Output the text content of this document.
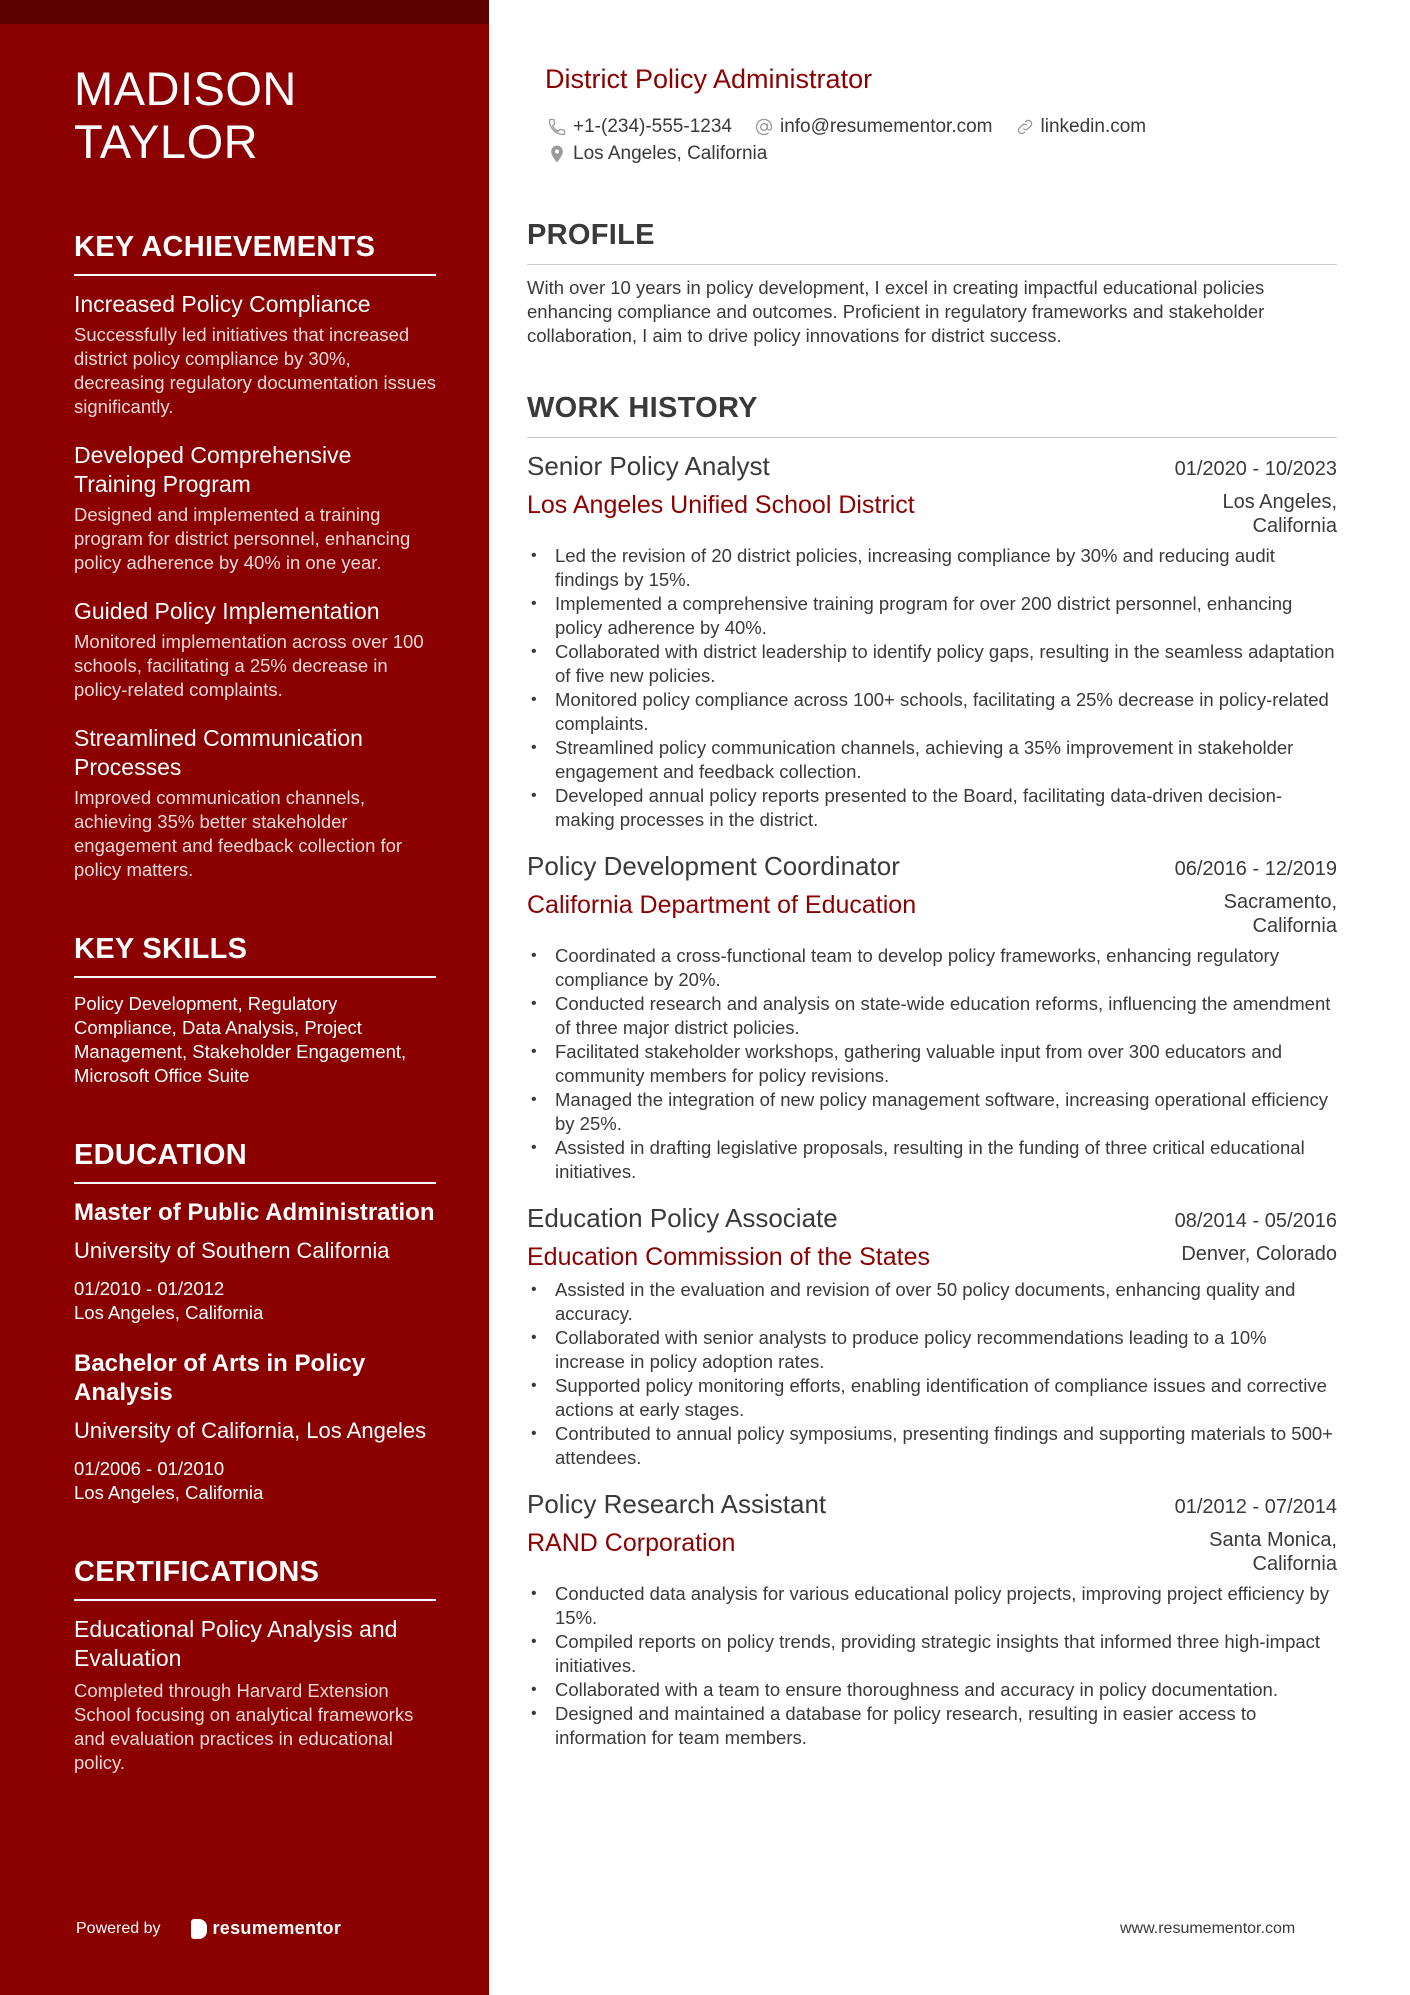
MADISON
TAYLOR
KEY ACHIEVEMENTS
Increased Policy Compliance
Successfully led initiatives that increased district policy compliance by 30%, decreasing regulatory documentation issues significantly.
Developed Comprehensive Training Program
Designed and implemented a training program for district personnel, enhancing policy adherence by 40% in one year.
Guided Policy Implementation
Monitored implementation across over 100 schools, facilitating a 25% decrease in policy-related complaints.
Streamlined Communication Processes
Improved communication channels, achieving 35% better stakeholder engagement and feedback collection for policy matters.
KEY SKILLS

Policy Development, Regulatory Compliance, Data Analysis, Project Management, Stakeholder Engagement, Microsoft Office Suite

EDUCATION
Master of Public Administration
University of Southern California
01/2010 - 01/2012
Los Angeles, California
Bachelor of Arts in Policy Analysis
University of California, Los Angeles
01/2006 - 01/2010
Los Angeles, California
CERTIFICATIONS
Educational Policy Analysis and Evaluation
Completed through Harvard Extension School focusing on analytical frameworks and evaluation practices in educational policy.
Powered by	resumementor
District Policy Administrator
+1-(234)-555-1234	info@resumementor.com	linkedin.com
Los Angeles, California
PROFILE

With over 10 years in policy development, I excel in creating impactful educational policies enhancing compliance and outcomes. Proficient in regulatory frameworks and stakeholder collaboration, I aim to drive policy innovations for district success.

WORK HISTORY
Senior Policy Analyst	01/2020 - 10/2023
Los Angeles Unified School District	Los Angeles,
California
• Led the revision of 20 district policies, increasing compliance by 30% and reducing audit findings by 15%.
• Implemented a comprehensive training program for over 200 district personnel, enhancing policy adherence by 40%.
• Collaborated with district leadership to identify policy gaps, resulting in the seamless adaptation of five new policies.
• Monitored policy compliance across 100+ schools, facilitating a 25% decrease in policy-related complaints.
• Streamlined policy communication channels, achieving a 35% improvement in stakeholder engagement and feedback collection.
• Developed annual policy reports presented to the Board, facilitating data-driven decision-making processes in the district.
Policy Development Coordinator	06/2016 - 12/2019
California Department of Education	Sacramento,
California
• Coordinated a cross-functional team to develop policy frameworks, enhancing regulatory compliance by 20%.
• Conducted research and analysis on state-wide education reforms, influencing the amendment of three major district policies.
• Facilitated stakeholder workshops, gathering valuable input from over 300 educators and community members for policy revisions.
• Managed the integration of new policy management software, increasing operational efficiency by 25%.
• Assisted in drafting legislative proposals, resulting in the funding of three critical educational initiatives.
Education Policy Associate	08/2014 - 05/2016
Education Commission of the States	Denver, Colorado
• Assisted in the evaluation and revision of over 50 policy documents, enhancing quality and accuracy.
• Collaborated with senior analysts to produce policy recommendations leading to a 10% increase in policy adoption rates.
• Supported policy monitoring efforts, enabling identification of compliance issues and corrective actions at early stages.
• Contributed to annual policy symposiums, presenting findings and supporting materials to 500+ attendees.
Policy Research Assistant	01/2012 - 07/2014
RAND Corporation	Santa Monica,
California
• Conducted data analysis for various educational policy projects, improving project efficiency by 15%.
• Compiled reports on policy trends, providing strategic insights that informed three high-impact initiatives.
• Collaborated with a team to ensure thoroughness and accuracy in policy documentation.
• Designed and maintained a database for policy research, resulting in easier access to information for team members.
www.resumementor.com
